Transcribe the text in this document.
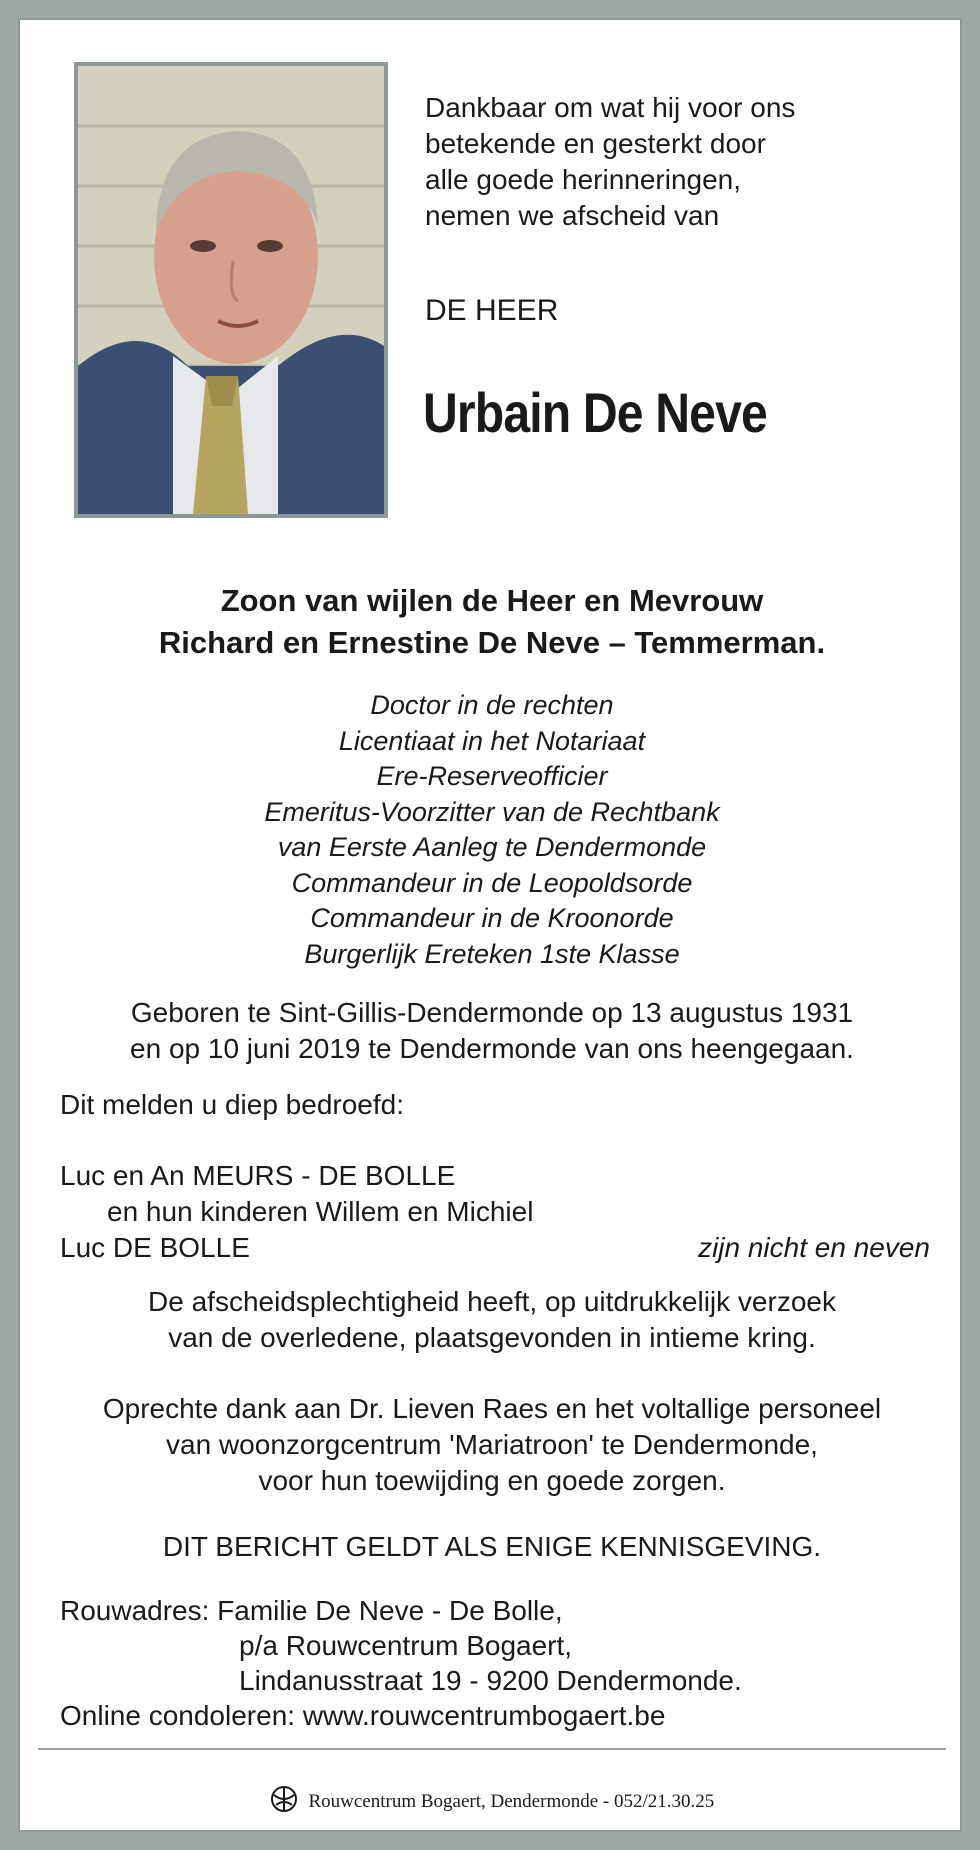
Dankbaar om wat hij voor ons
betekende en gesterkt door
alle goede herinneringen,
nemen we afscheid van
DE HEER
Urbain De Neve
Zoon van wijlen de Heer en Mevrouw
Richard en Ernestine De Neve – Temmerman.
Doctor in de rechten
Licentiaat in het Notariaat
Ere-Reserveofficier
Emeritus-Voorzitter van de Rechtbank
van Eerste Aanleg te Dendermonde
Commandeur in de Leopoldsorde
Commandeur in de Kroonorde
Burgerlijk Ereteken 1ste Klasse
Geboren te Sint-Gillis-Dendermonde op 13 augustus 1931
en op 10 juni 2019 te Dendermonde van ons heengegaan.
Dit melden u diep bedroefd:
Luc en An MEURS - DE BOLLE
en hun kinderen Willem en Michiel
Luc DE BOLLE	zijn nicht en neven
De afscheidsplechtigheid heeft, op uitdrukkelijk verzoek
van de overledene, plaatsgevonden in intieme kring.
Oprechte dank aan Dr. Lieven Raes en het voltallige personeel
van woonzorgcentrum 'Mariatroon' te Dendermonde,
voor hun toewijding en goede zorgen.
DIT BERICHT GELDT ALS ENIGE KENNISGEVING.
Rouwadres: Familie De Neve - De Bolle,
p/a Rouwcentrum Bogaert,
Lindanusstraat 19 - 9200 Dendermonde.
Online condoleren: www.rouwcentrumbogaert.be
Rouwcentrum Bogaert, Dendermonde - 052/21.30.25
